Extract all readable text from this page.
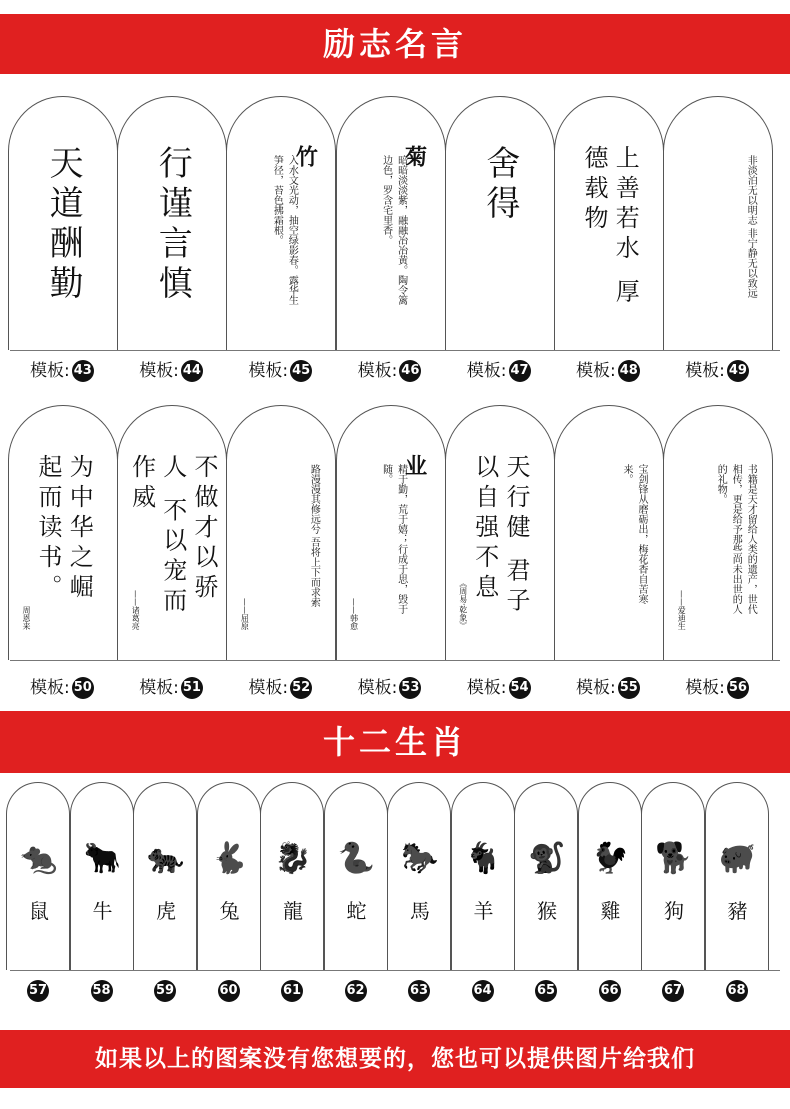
励志名言
十二生肖
如果以上的图案没有您想要的，您也可以提供图片给我们
天道酬勤
模板: 43
行谨言慎
模板: 44
竹
入水文光动，抽空绿影春。露华生笋径，苔色拂霜根。
模板: 45
菊
暗暗淡淡紫，融融冶冶黄。陶令篱边色，罗含宅里香。
模板: 46
舍得
模板: 47
上善若水 厚德载物
模板: 48
非淡泊无以明志 非宁静无以致远
模板: 49
为中华之崛起而读书。
周恩来
模板: 50
不做才以骄人 不以宠而作威
——诸葛亮
模板: 51
路漫漫其修远兮 吾将上下而求索
——屈原
模板: 52
业
精于勤，荒于嬉；行成于思，毁于随。
——韩愈
模板: 53
天行健 君子以自强不息
《周易·乾象》
模板: 54
宝剑锋从磨砺出，梅花香自苦寒来。
模板: 55
书籍是天才留给人类的遗产，世代相传，更是给予那些尚未出世的人的礼物。
——爱迪生
模板: 56
🐀
鼠
57
🐂
牛
58
🐅
虎
59
🐇
兔
60
🐉
龍
61
🐍
蛇
62
🐎
馬
63
🐐
羊
64
🐒
猴
65
🐓
雞
66
🐕
狗
67
🐖
豬
68
